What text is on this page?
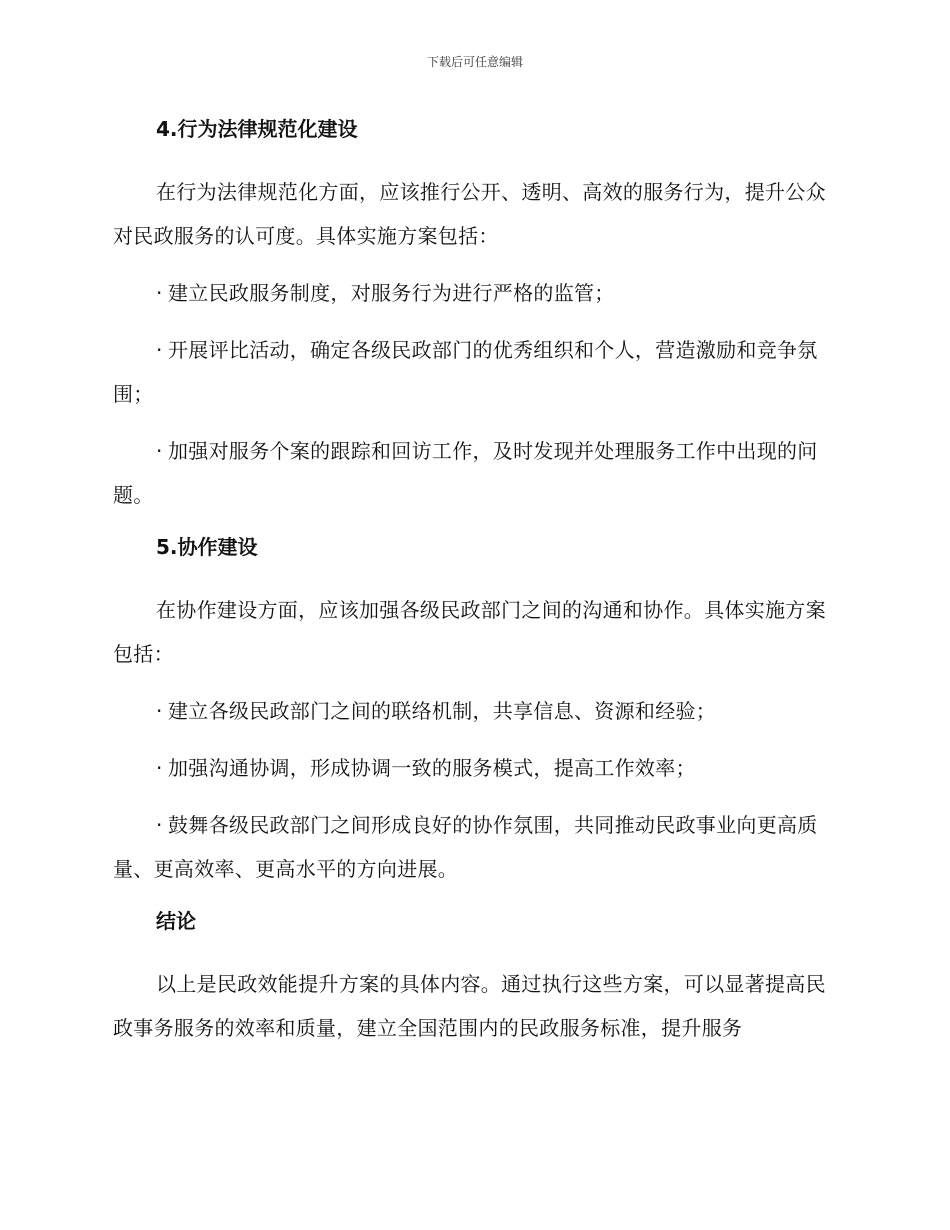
下载后可任意编辑
4.行为法律规范化建设

在行为法律规范化方面，应该推行公开、透明、高效的服务行为，提升公众对民政服务的认可度。具体实施方案包括：

· 建立民政服务制度，对服务行为进行严格的监管；

· 开展评比活动，确定各级民政部门的优秀组织和个人，营造激励和竞争氛围；

· 加强对服务个案的跟踪和回访工作，及时发现并处理服务工作中出现的问题。

5.协作建设

在协作建设方面，应该加强各级民政部门之间的沟通和协作。具体实施方案包括：

· 建立各级民政部门之间的联络机制，共享信息、资源和经验；

· 加强沟通协调，形成协调一致的服务模式，提高工作效率；

· 鼓舞各级民政部门之间形成良好的协作氛围，共同推动民政事业向更高质量、更高效率、更高水平的方向进展。

结论

以上是民政效能提升方案的具体内容。通过执行这些方案，可以显著提高民政事务服务的效率和质量，建立全国范围内的民政服务标准，提升服务
